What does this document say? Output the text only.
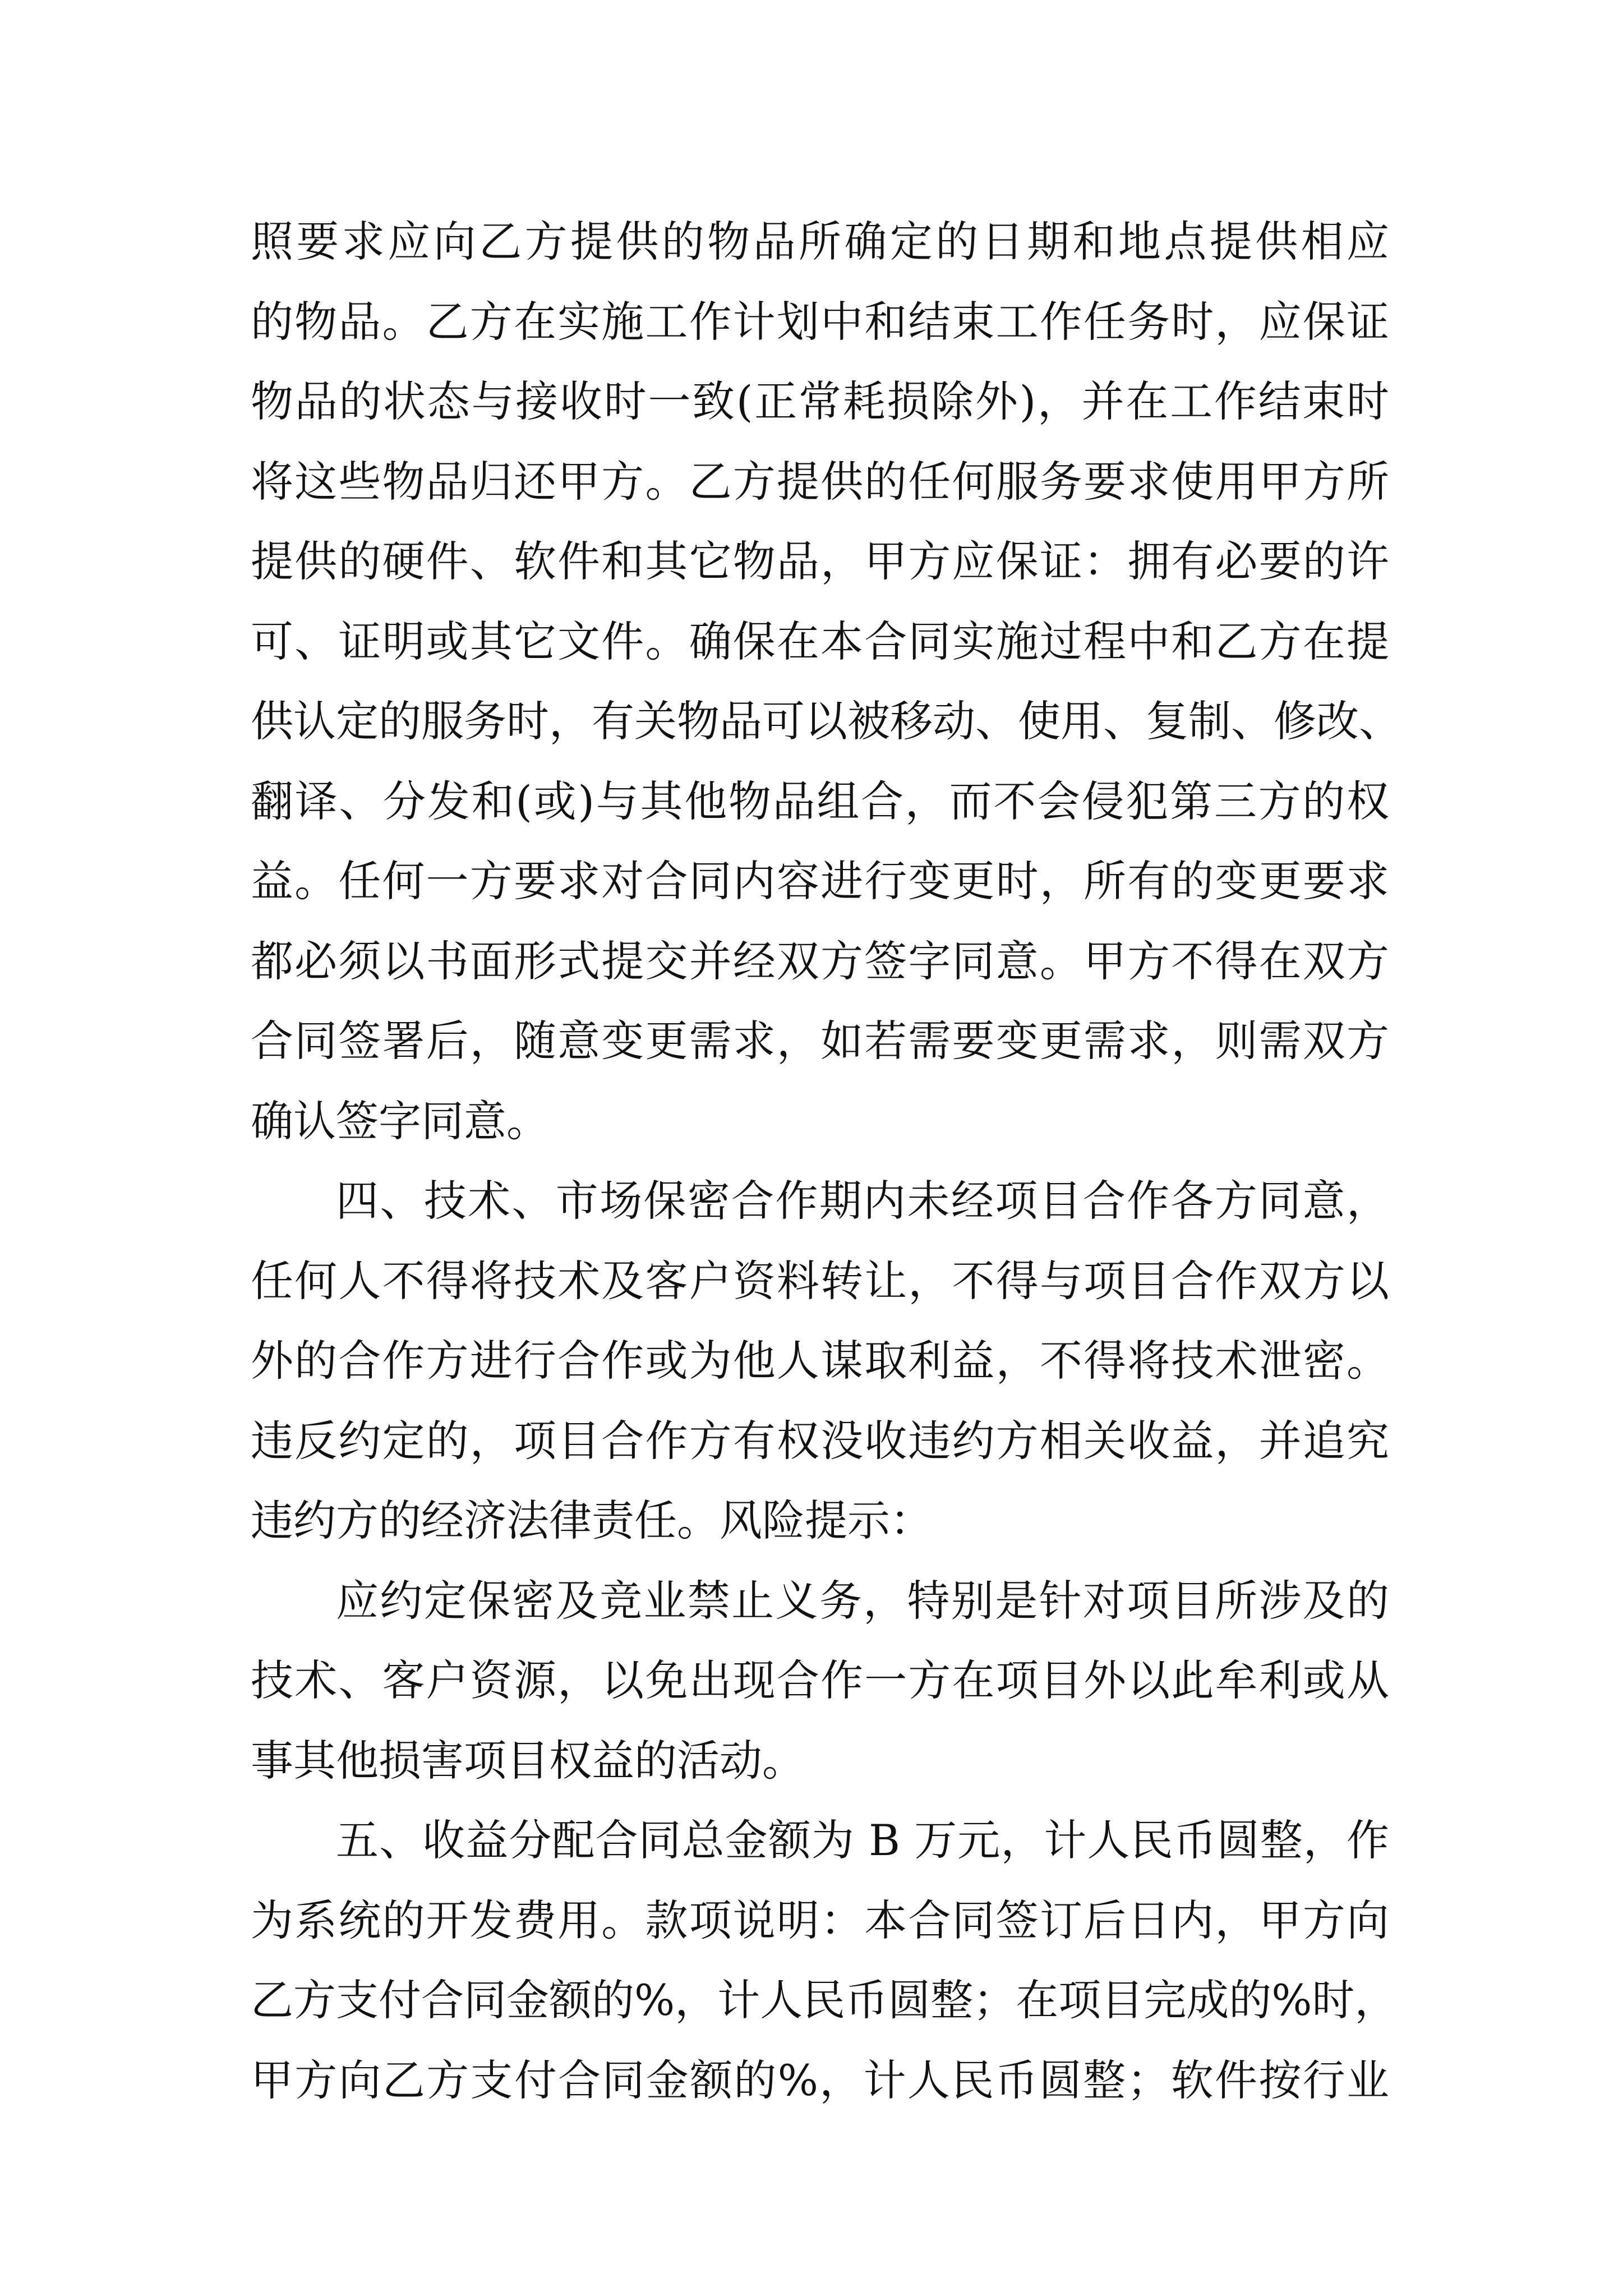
照要求应向乙方提供的物品所确定的日期和地点提供相应
的物品。乙方在实施工作计划中和结束工作任务时，应保证
物品的状态与接收时一致(正常耗损除外)，并在工作结束时
将这些物品归还甲方。乙方提供的任何服务要求使用甲方所
提供的硬件、软件和其它物品，甲方应保证：拥有必要的许
可、证明或其它文件。确保在本合同实施过程中和乙方在提
供认定的服务时，有关物品可以被移动、使用、复制、修改、
翻译、分发和(或)与其他物品组合，而不会侵犯第三方的权
益。任何一方要求对合同内容进行变更时，所有的变更要求
都必须以书面形式提交并经双方签字同意。甲方不得在双方
合同签署后，随意变更需求，如若需要变更需求，则需双方
确认签字同意。
四、技术、市场保密合作期内未经项目合作各方同意，
任何人不得将技术及客户资料转让，不得与项目合作双方以
外的合作方进行合作或为他人谋取利益，不得将技术泄密。
违反约定的，项目合作方有权没收违约方相关收益，并追究
违约方的经济法律责任。风险提示：
应约定保密及竞业禁止义务，特别是针对项目所涉及的
技术、客户资源，以免出现合作一方在项目外以此牟利或从
事其他损害项目权益的活动。
五、收益分配合同总金额为 B 万元，计人民币圆整，作
为系统的开发费用。款项说明：本合同签订后日内，甲方向
乙方支付合同金额的%，计人民币圆整；在项目完成的%时，
甲方向乙方支付合同金额的%，计人民币圆整；软件按行业
